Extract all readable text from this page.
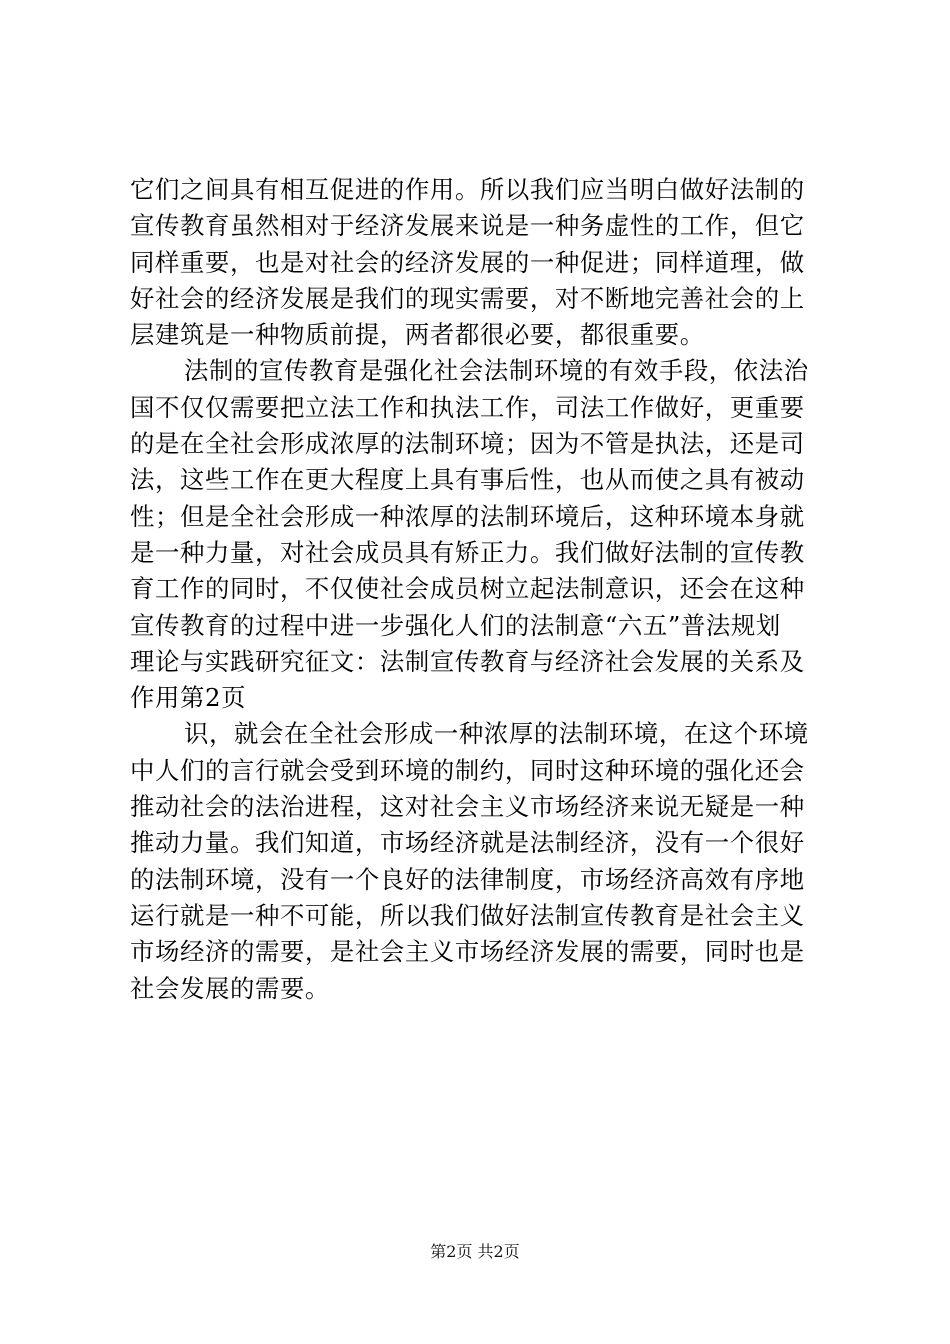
它们之间具有相互促进的作用。所以我们应当明白做好法制的
宣传教育虽然相对于经济发展来说是一种务虚性的工作，但它
同样重要，也是对社会的经济发展的一种促进；同样道理，做
好社会的经济发展是我们的现实需要，对不断地完善社会的上
层建筑是一种物质前提，两者都很必要，都很重要。
法制的宣传教育是强化社会法制环境的有效手段，依法治
国不仅仅需要把立法工作和执法工作，司法工作做好，更重要
的是在全社会形成浓厚的法制环境；因为不管是执法，还是司
法，这些工作在更大程度上具有事后性，也从而使之具有被动
性；但是全社会形成一种浓厚的法制环境后，这种环境本身就
是一种力量，对社会成员具有矫正力。我们做好法制的宣传教
育工作的同时，不仅使社会成员树立起法制意识，还会在这种
宣传教育的过程中进一步强化人们的法制意“六五”普法规划
理论与实践研究征文：法制宣传教育与经济社会发展的关系及
作用第2页
识，就会在全社会形成一种浓厚的法制环境，在这个环境
中人们的言行就会受到环境的制约，同时这种环境的强化还会
推动社会的法治进程，这对社会主义市场经济来说无疑是一种
推动力量。我们知道，市场经济就是法制经济，没有一个很好
的法制环境，没有一个良好的法律制度，市场经济高效有序地
运行就是一种不可能，所以我们做好法制宣传教育是社会主义
市场经济的需要，是社会主义市场经济发展的需要，同时也是
社会发展的需要。
第2页 共2页
